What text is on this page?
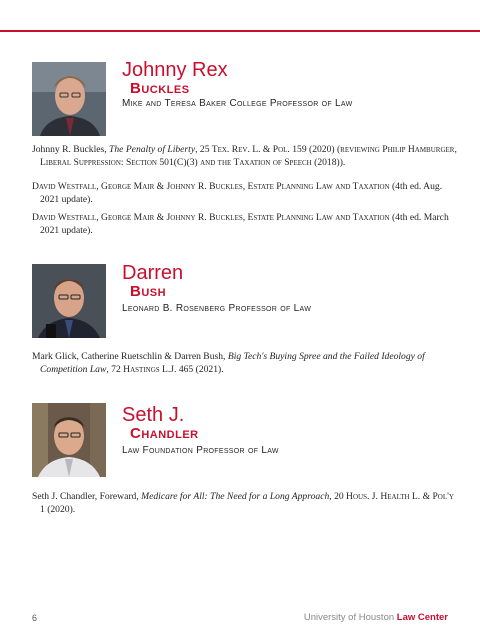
Johnny Rex
Buckles
Mike and Teresa Baker College Professor of Law
Johnny R. Buckles, The Penalty of Liberty, 25 Tex. Rev. L. & Pol. 159 (2020) (reviewing Philip Hamburger, Liberal Suppression: Section 501(C)(3) and the Taxation of Speech (2018)).
David Westfall, George Mair & Johnny R. Buckles, Estate Planning Law and Taxation (4th ed. Aug. 2021 update).
David Westfall, George Mair & Johnny R. Buckles, Estate Planning Law and Taxation (4th ed. March 2021 update).
Darren
Bush
Leonard B. Rosenberg Professor of Law
Mark Glick, Catherine Ruetschlin & Darren Bush, Big Tech's Buying Spree and the Failed Ideology of Competition Law, 72 Hastings L.J. 465 (2021).
Seth J.
Chandler
Law Foundation Professor of Law
Seth J. Chandler, Foreward, Medicare for All: The Need for a Long Approach, 20 Hous. J. Health L. & Pol'y 1 (2020).
6	University of Houston Law Center
